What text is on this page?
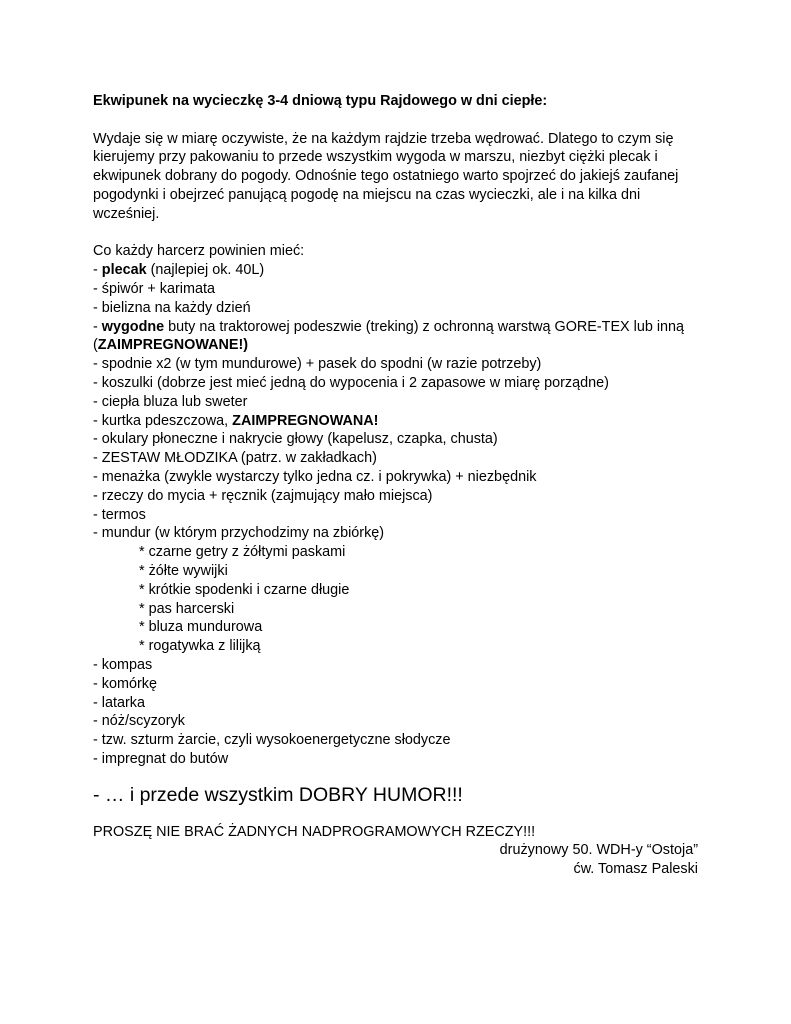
Ekwipunek na wycieczkę 3-4 dniową typu Rajdowego w dni ciepłe:
Wydaje się w miarę oczywiste, że na każdym rajdzie trzeba wędrować. Dlatego to czym się
kierujemy przy pakowaniu to przede wszystkim wygoda w marszu, niezbyt ciężki plecak i
ekwipunek dobrany do pogody. Odnośnie tego ostatniego warto spojrzeć do jakiejś zaufanej
pogodynki i obejrzeć panującą pogodę na miejscu na czas wycieczki, ale i na kilka dni
wcześniej.
Co każdy harcerz powinien mieć:
- plecak (najlepiej ok. 40L)
- śpiwór + karimata
- bielizna na każdy dzień
- wygodne buty na traktorowej podeszwie (treking) z ochronną warstwą GORE-TEX lub inną
(ZAIMPREGNOWANE!)
- spodnie x2 (w tym mundurowe) + pasek do spodni (w razie potrzeby)
- koszulki (dobrze jest mieć jedną do wypocenia i 2 zapasowe w miarę porządne)
- ciepła bluza lub sweter
- kurtka pdeszczowa, ZAIMPREGNOWANA!
- okulary płoneczne i nakrycie głowy (kapelusz, czapka, chusta)
- ZESTAW MŁODZIKA (patrz. w zakładkach)
- menażka (zwykle wystarczy tylko jedna cz. i pokrywka) + niezbędnik
- rzeczy do mycia + ręcznik (zajmujący mało miejsca)
- termos
- mundur (w którym przychodzimy na zbiórkę)
* czarne getry z żółtymi paskami
* żółte wywijki
* krótkie spodenki i czarne długie
* pas harcerski
* bluza mundurowa
* rogatywka z lilijką
- kompas
- komórkę
- latarka
- nóż/scyzoryk
- tzw. szturm żarcie, czyli wysokoenergetyczne słodycze
- impregnat do butów
- … i przede wszystkim DOBRY HUMOR!!!
PROSZĘ NIE BRAĆ ŻADNYCH NADPROGRAMOWYCH RZECZY!!!
drużynowy 50. WDH-y “Ostoja”
ćw. Tomasz Paleski
